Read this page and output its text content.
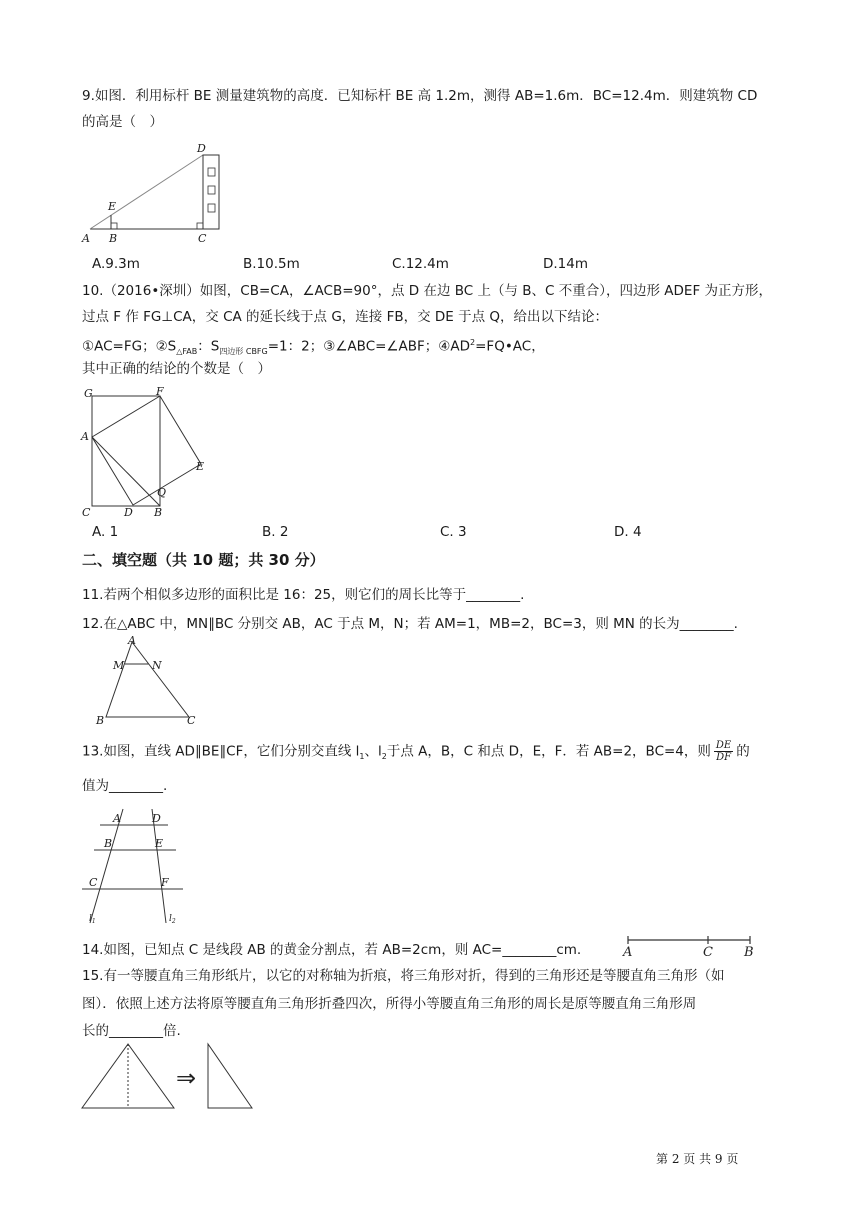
9.如图．利用标杆 BE 测量建筑物的高度．已知标杆 BE 高 1.2m，测得 AB=1.6m．BC=12.4m．则建筑物 CD
的高是（　）
A B	C
D
E
A.9.3m	B.10.5m	C.12.4m	D.14m
10.（2016•深圳）如图，CB=CA，∠ACB=90°，点 D 在边 BC 上（与 B、C 不重合），四边形 ADEF 为正方形，
过点 F 作 FG⊥CA，交 CA 的延长线于点 G，连接 FB，交 DE 于点 Q，给出以下结论：
①AC=FG；$②S_{\triangle FAB}$：$S_{四边形 CBFG}=1$：2；③∠ABC=∠ABF；$④AD^2=FQ•AC$，
其中正确的结论的个数是（　）
G	F
A
E
C	D
Q
B
A. 1	B. 2	C. 3	D. 4
二、填空题（共 10 题；共 30 分）
11.若两个相似多边形的面积比是 16：25，则它们的周长比等于________.
12.在△ABC 中，MN∥BC 分别交 AB，AC 于点 M，N；若 AM=1，MB=2，BC=3，则 MN 的长为________.
A
M	N
B	C
13.如图，直线 AD∥BE∥CF，它们分别交直线 $l_1$、$l_2$于点 A，B，C 和点 D，E，F．若 AB=2，BC=4，则 $\frac{DE}{DF}$ 的
值为________.
A	D
B	E
C	F
$l_1$	$l_2$
14.如图，已知点 C 是线段 AB 的黄金分割点，若 AB=2cm，则 AC=________cm.	A	C B
15.有一等腰直角三角形纸片，以它的对称轴为折痕，将三角形对折，得到的三角形还是等腰直角三角形（如
图）．依照上述方法将原等腰直角三角形折叠四次，所得小等腰直角三角形的周长是原等腰直角三角形周
长的________倍.
⇒
第 2 页 共 9 页
